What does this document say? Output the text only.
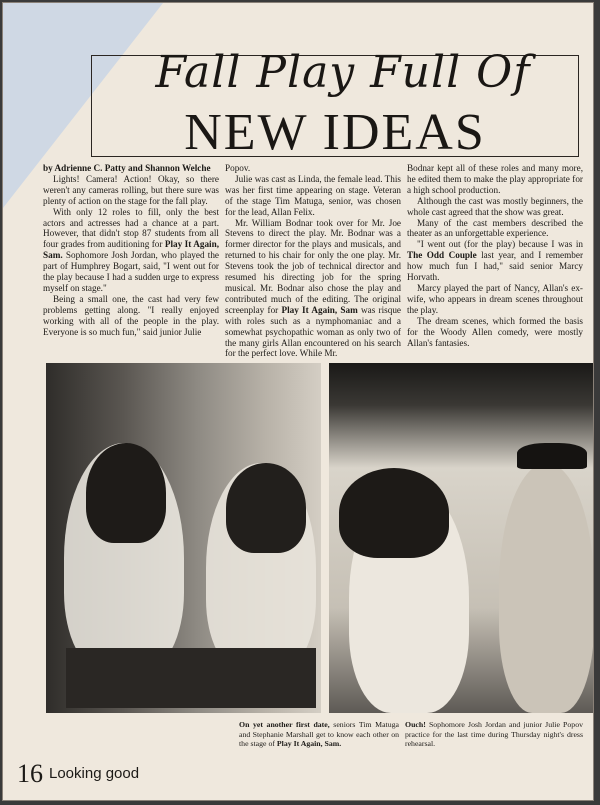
Fall Play Full Of
NEW IDEAS

by Adrienne C. Patty and Shannon Welche

Lights! Camera! Action! Okay, so there weren't any cameras rolling, but there sure was plenty of action on the stage for the fall play.

With only 12 roles to fill, only the best actors and actresses had a chance at a part. However, that didn't stop 87 students from all four grades from auditioning for Play It Again, Sam. Sophomore Josh Jordan, who played the part of Humphrey Bogart, said, "I went out for the play because I had a sudden urge to express myself on stage."

Being a small one, the cast had very few problems getting along. "I really enjoyed working with all of the people in the play. Everyone is so much fun," said junior Julie

Popov.

Julie was cast as Linda, the female lead. This was her first time appearing on stage. Veteran of the stage Tim Matuga, senior, was chosen for the lead, Allan Felix.

Mr. William Bodnar took over for Mr. Joe Stevens to direct the play. Mr. Bodnar was a former director for the plays and musicals, and returned to his chair for only the one play. Mr. Stevens took the job of technical director and resumed his directing job for the spring musical. Mr. Bodnar also chose the play and contributed much of the editing. The original screenplay for Play It Again, Sam was risque with roles such as a nymphomaniac and a somewhat psychopathic woman as only two of the many girls Allan encountered on his search for the perfect love. While Mr.

Bodnar kept all of these roles and many more, he edited them to make the play appropriate for a high school production.

Although the cast was mostly beginners, the whole cast agreed that the show was great.

Many of the cast members described the theater as an unforgettable experience.

"I went out (for the play) because I was in The Odd Couple last year, and I remember how much fun I had," said senior Marcy Horvath.

Marcy played the part of Nancy, Allan's ex-wife, who appears in dream scenes throughout the play.

The dream scenes, which formed the basis for the Woody Allen comedy, were mostly Allan's fantasies.

On yet another first date, seniors Tim Matuga and Stephanie Marshall get to know each other on the stage of Play It Again, Sam.
Ouch! Sophomore Josh Jordan and junior Julie Popov practice for the last time during Thursday night's dress rehearsal.
16 Looking good
